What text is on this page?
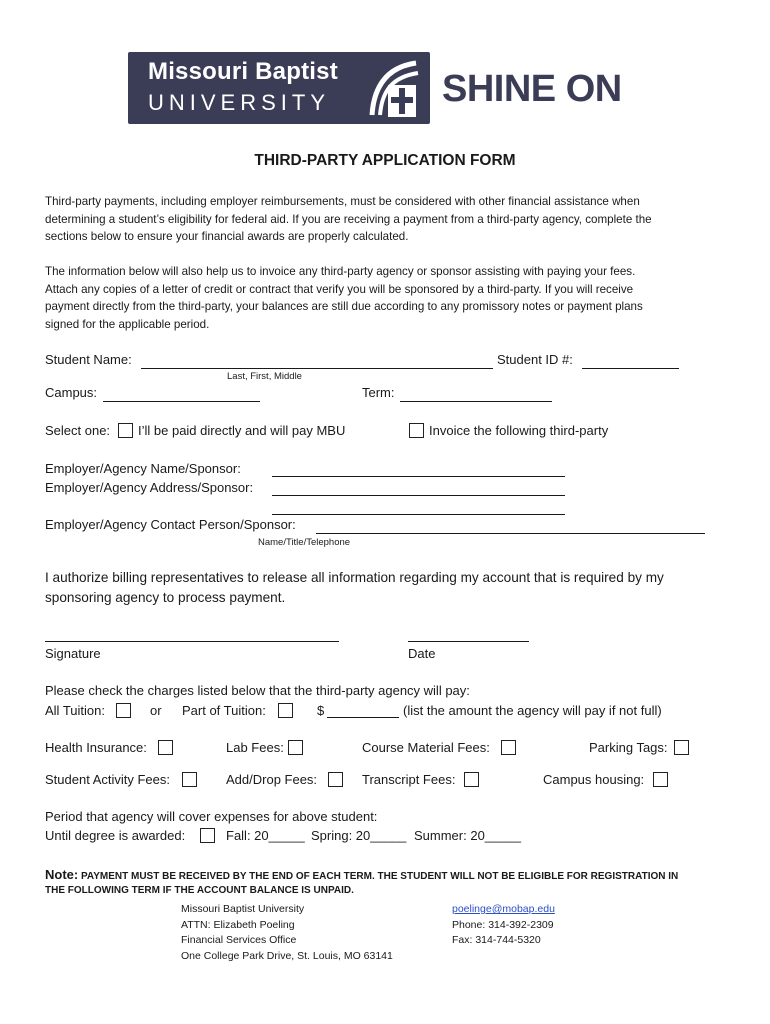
Missouri Baptist
UNIVERSITY	SHINE ON
THIRD-PARTY APPLICATION FORM
Third-party payments, including employer reimbursements, must be considered with other financial assistance when
determining a student’s eligibility for federal aid. If you are receiving a payment from a third-party agency, complete the
sections below to ensure your financial awards are properly calculated.
The information below will also help us to invoice any third-party agency or sponsor assisting with paying your fees.
Attach any copies of a letter of credit or contract that verify you will be sponsored by a third-party. If you will receive
payment directly from the third-party, your balances are still due according to any promissory notes or payment plans
signed for the applicable period.
Student Name:
Last, First, Middle
Student ID #:
Campus:	Term:
Select one: I’ll be paid directly and will pay MBU	Invoice the following third-party
Employer/Agency Name/Sponsor:
Employer/Agency Address/Sponsor:
Employer/Agency Contact Person/Sponsor:
Name/Title/Telephone
I authorize billing representatives to release all information regarding my account that is required by my
sponsoring agency to process payment.
Signature	Date
Please check the charges listed below that the third-party agency will pay:
All Tuition:	or Part of Tuition:	$	(list the amount the agency will pay if not full)
Health Insurance:	Lab Fees:	Course Material Fees:	Parking Tags:
Student Activity Fees:	Add/Drop Fees:	Transcript Fees:	Campus housing:
Period that agency will cover expenses for above student:
Until degree is awarded:	Fall: 20_____ Spring: 20_____ Summer: 20_____
Note: PAYMENT MUST BE RECEIVED BY THE END OF EACH TERM. THE STUDENT WILL NOT BE ELIGIBLE FOR REGISTRATION IN
THE FOLLOWING TERM IF THE ACCOUNT BALANCE IS UNPAID.
Missouri Baptist University
ATTN: Elizabeth Poeling
Financial Services Office
One College Park Drive, St. Louis, MO 63141
poelinge@mobap.edu
Phone: 314-392-2309
Fax: 314-744-5320
